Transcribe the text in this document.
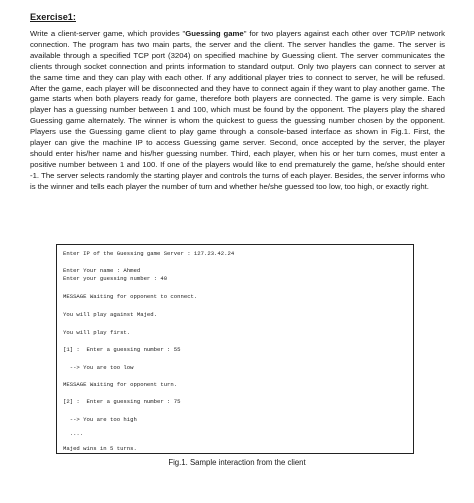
Exercise1:

Write a client-server game, which provides "Guessing game" for two players against each other over TCP/IP network connection. The program has two main parts, the server and the client. The server handles the game. The server is available through a specified TCP port (3204) on specified machine by Guessing client. The server communicates the clients through socket connection and prints information to standard output. Only two players can connect to server at the same time and they can play with each other. If any additional player tries to connect to server, he will be refused. After the game, each player will be disconnected and they have to connect again if they want to play another game. The game starts when both players ready for game, therefore both players are connected. The game is very simple. Each player has a guessing number between 1 and 100, which must be found by the opponent. The players play the shared Guessing game alternately. The winner is whom the quickest to guess the guessing number chosen by the opponent. Players use the Guessing game client to play game through a console-based interface as shown in Fig.1. First, the player can give the machine IP to access Guessing game server. Second, once accepted by the server, the player should enter his/her name and his/her guessing number. Third, each player, when his or her turn comes, must enter a positive number between 1 and 100. If one of the players would like to end prematurely the game, he/she should enter -1. The server selects randomly the starting player and controls the turns of each player. Besides, the server informs who is the winner and tells each player the number of turn and whether he/she guessed too low, too high, or exactly right.

Enter IP of the Guessing game Server : 127.23.42.24
Enter Your name : Ahmed
Enter your guessing number : 40
MESSAGE Waiting for opponent to connect.
You will play against Majed.
You will play first.
[1] :  Enter a guessing number : 55
--> You are too low
MESSAGE Waiting for opponent turn.
[2] :  Enter a guessing number : 75
--> You are too high
....
Majed wins in 5 turns.
Fig.1. Sample interaction from the client
